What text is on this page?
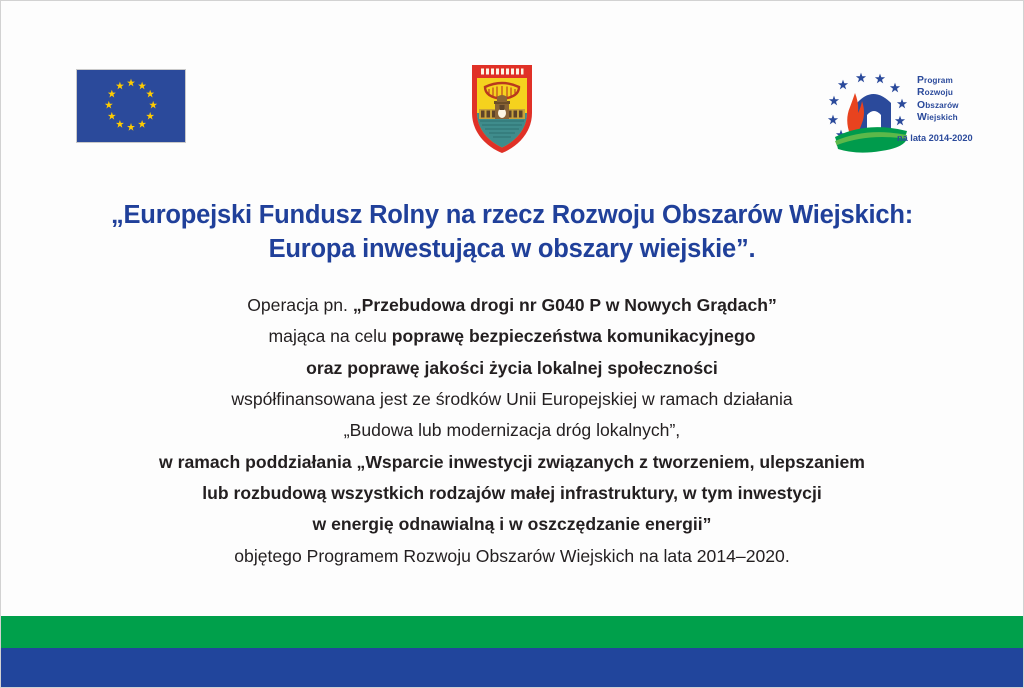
Program
Rozwoju
Obszarów
Wiejskich
na lata 2014-2020
„Europejski Fundusz Rolny na rzecz Rozwoju Obszarów Wiejskich:
Europa inwestująca w obszary wiejskie”.

Operacja pn. „Przebudowa drogi nr G040 P w Nowych Grądach”

mająca na celu poprawę bezpieczeństwa komunikacyjnego

oraz poprawę jakości życia lokalnej społeczności

współfinansowana jest ze środków Unii Europejskiej w ramach działania

„Budowa lub modernizacja dróg lokalnych”,

w ramach poddziałania „Wsparcie inwestycji związanych z tworzeniem, ulepszaniem

lub rozbudową wszystkich rodzajów małej infrastruktury, w tym inwestycji

w energię odnawialną i w oszczędzanie energii”

objętego Programem Rozwoju Obszarów Wiejskich na lata 2014–2020.
